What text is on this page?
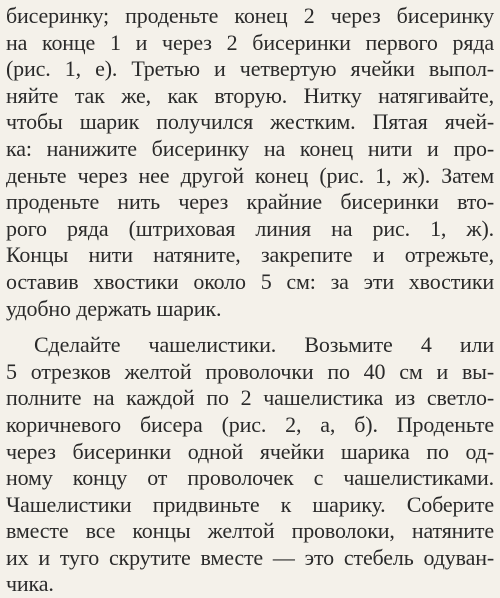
бисеринку; проденьте конец 2 через бисеринку
на конце 1 и через 2 бисеринки первого ряда
(рис. 1, е). Третью и четвертую ячейки выпол-
няйте так же, как вторую. Нитку натягивайте,
чтобы шарик получился жестким. Пятая ячей-
ка: нанижите бисеринку на конец нити и про-
деньте через нее другой конец (рис. 1, ж). Затем
проденьте нить через крайние бисеринки вто-
рого ряда (штриховая линия на рис. 1, ж).
Концы нити натяните, закрепите и отрежьте,
оставив хвостики около 5 см: за эти хвостики
удобно держать шарик.
Сделайте чашелистики. Возьмите 4 или
5 отрезков желтой проволочки по 40 см и вы-
полните на каждой по 2 чашелистика из светло-
коричневого бисера (рис. 2, а, б). Проденьте
через бисеринки одной ячейки шарика по од-
ному концу от проволочек с чашелистиками.
Чашелистики придвиньте к шарику. Соберите
вместе все концы желтой проволоки, натяните
их и туго скрутите вместе — это стебель одуван-
чика.
